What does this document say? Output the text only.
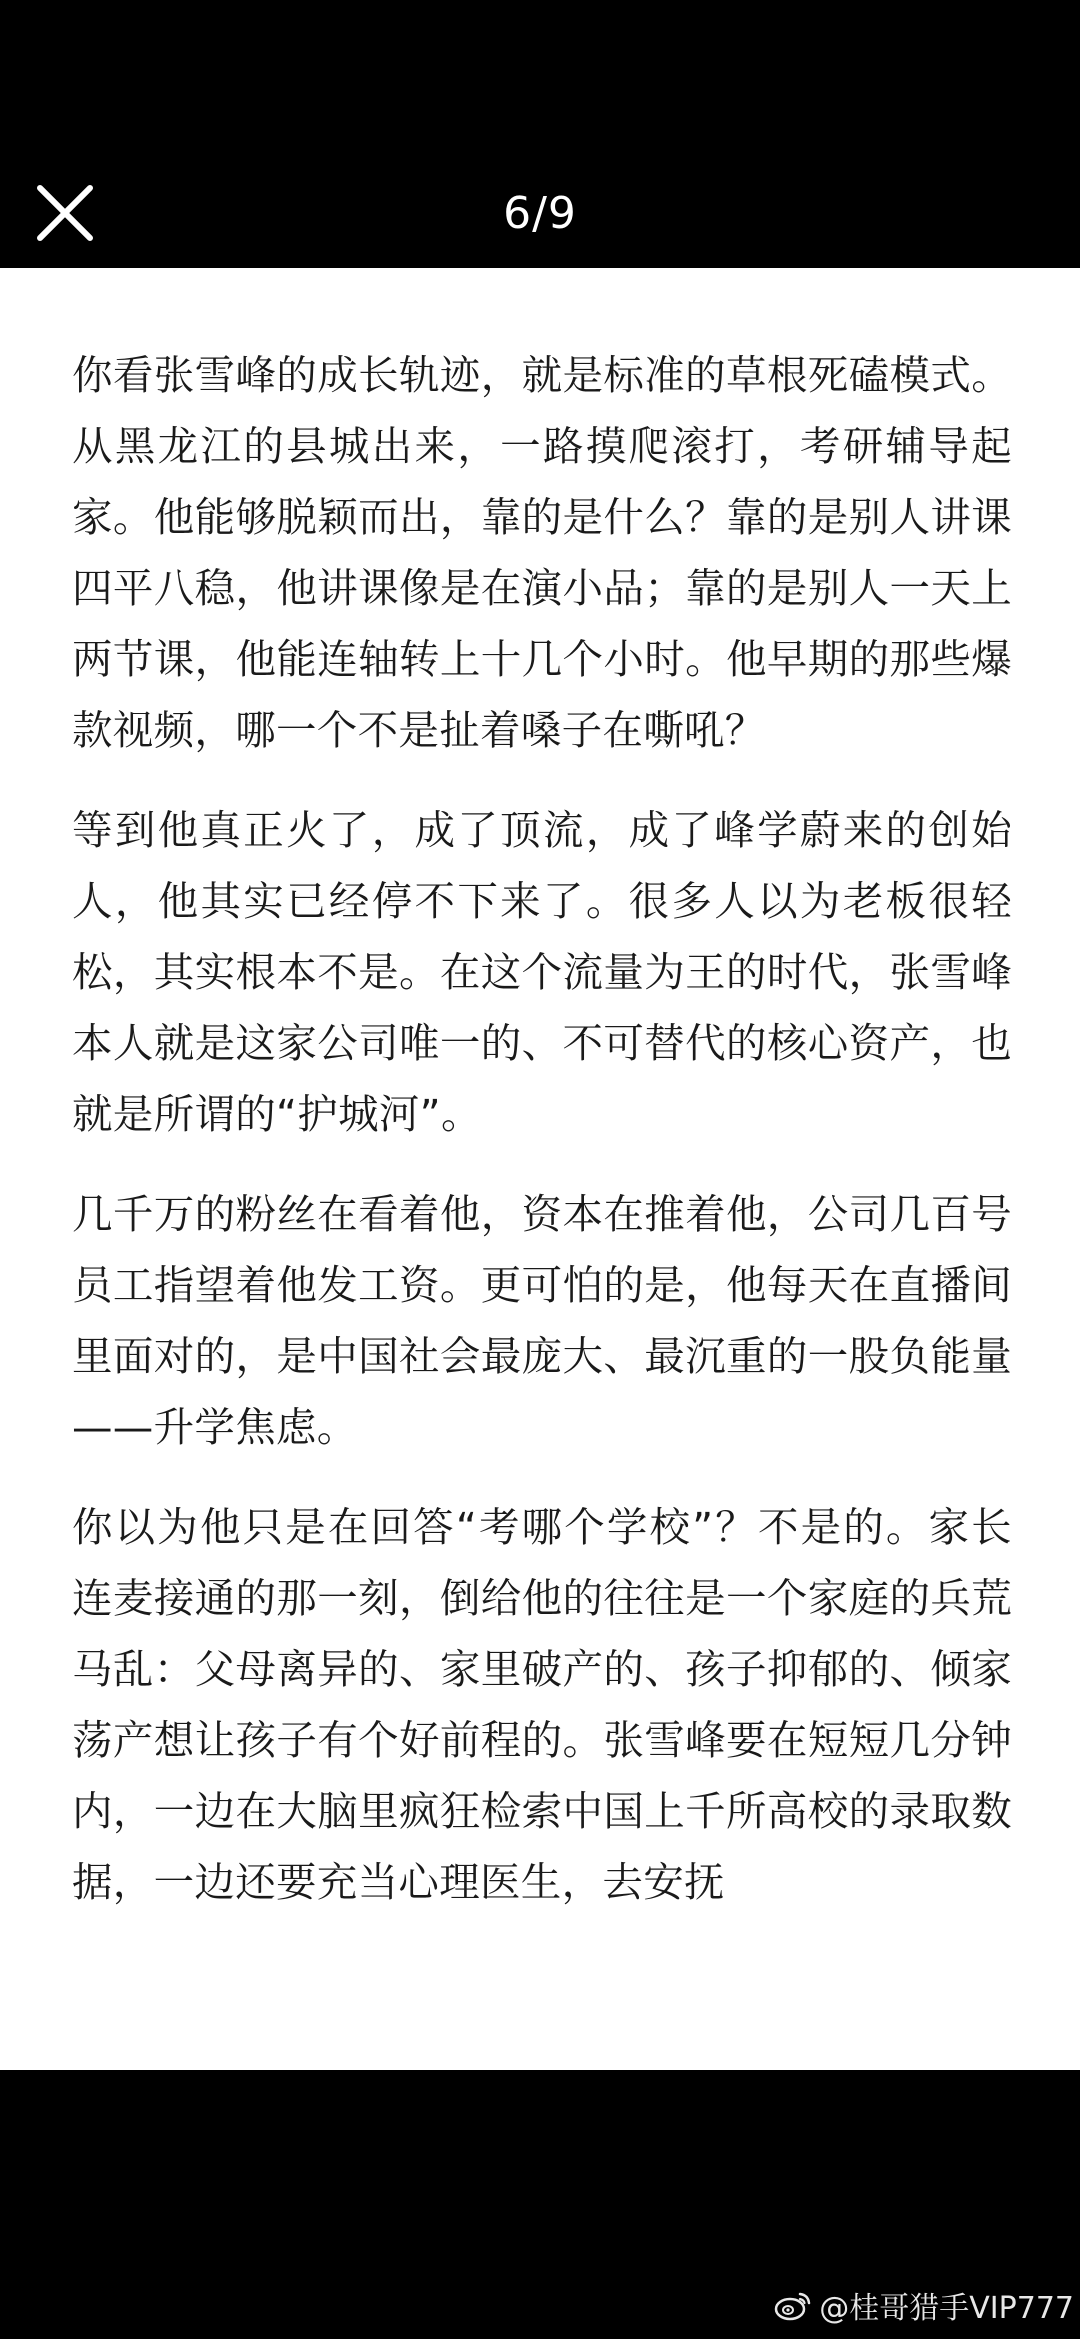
6/9

你看张雪峰的成长轨迹，就是标准的草根死磕模式。从黑龙江的县城出来，一路摸爬滚打，考研辅导起家。他能够脱颖而出，靠的是什么？靠的是别人讲课四平八稳，他讲课像是在演小品；靠的是别人一天上两节课，他能连轴转上十几个小时。他早期的那些爆款视频，哪一个不是扯着嗓子在嘶吼？

等到他真正火了，成了顶流，成了峰学蔚来的创始人，他其实已经停不下来了。很多人以为老板很轻松，其实根本不是。在这个流量为王的时代，张雪峰本人就是这家公司唯一的、不可替代的核心资产，也就是所谓的“护城河”。

几千万的粉丝在看着他，资本在推着他，公司几百号员工指望着他发工资。更可怕的是，他每天在直播间里面对的，是中国社会最庞大、最沉重的一股负能量——升学焦虑。

你以为他只是在回答“考哪个学校”？不是的。家长连麦接通的那一刻，倒给他的往往是一个家庭的兵荒马乱：父母离异的、家里破产的、孩子抑郁的、倾家荡产想让孩子有个好前程的。张雪峰要在短短几分钟内，一边在大脑里疯狂检索中国上千所高校的录取数据，一边还要充当心理医生，去安抚

@桂哥猎手VIP777
